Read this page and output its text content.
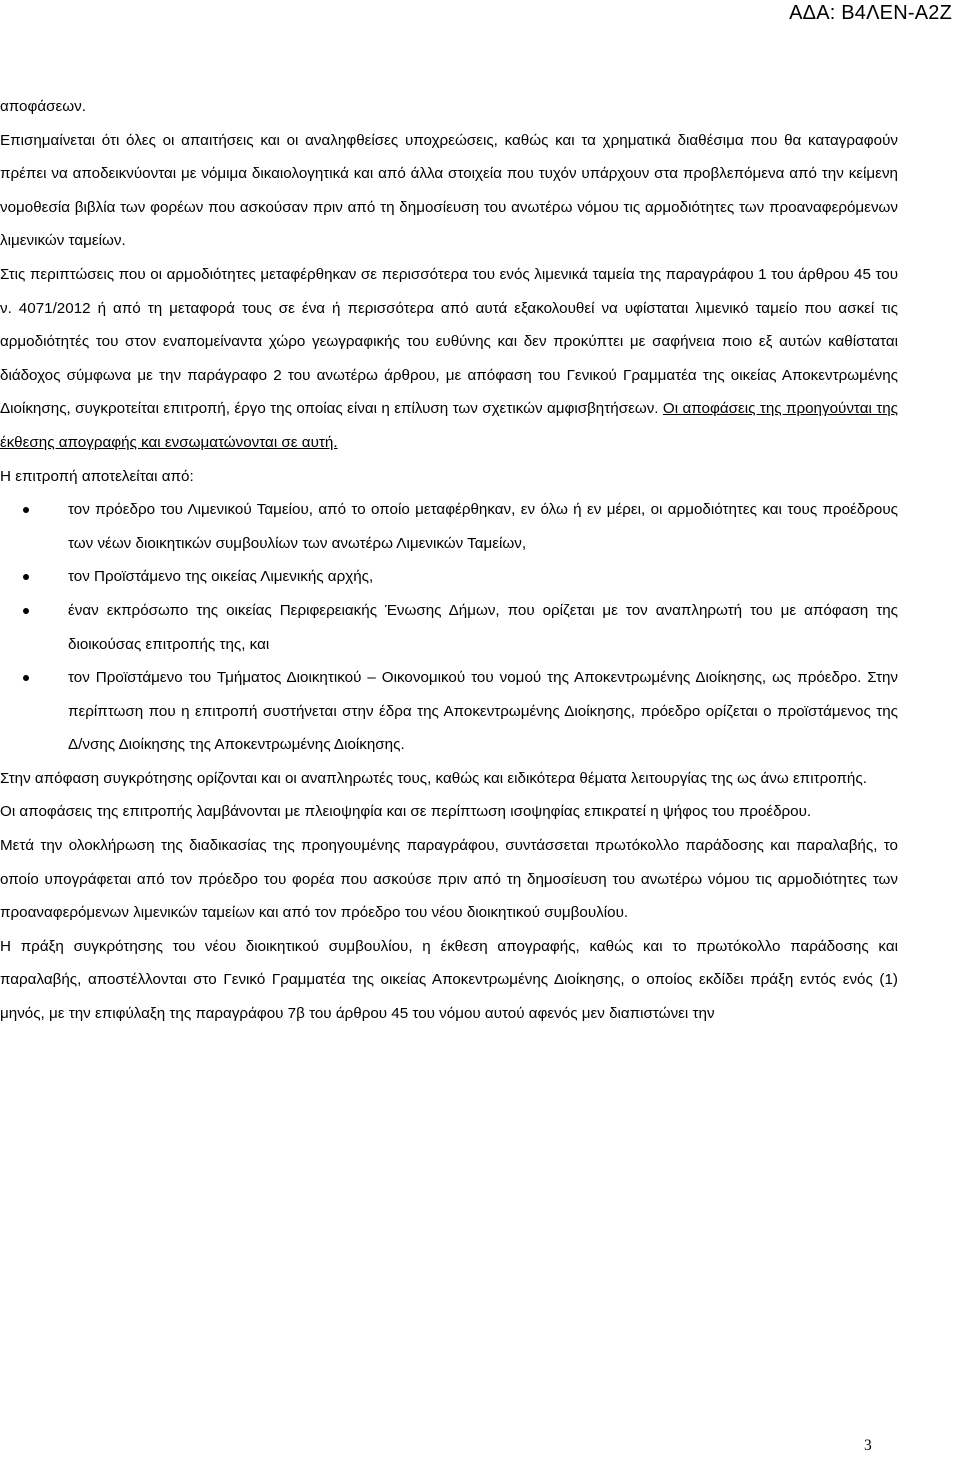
ΑΔΑ: Β4ΛΕΝ-Α2Ζ

αποφάσεων.

Επισημαίνεται ότι όλες οι απαιτήσεις και οι αναληφθείσες υποχρεώσεις, καθώς και τα χρηματικά διαθέσιμα που θα καταγραφούν πρέπει να αποδεικνύονται με νόμιμα δικαιολογητικά και από άλλα στοιχεία που τυχόν υπάρχουν στα προβλεπόμενα από την κείμενη νομοθεσία βιβλία των φορέων που ασκούσαν πριν από τη δημοσίευση του ανωτέρω νόμου τις αρμοδιότητες των προαναφερόμενων λιμενικών ταμείων.

Στις περιπτώσεις που οι αρμοδιότητες μεταφέρθηκαν σε περισσότερα του ενός λιμενικά ταμεία της παραγράφου 1 του άρθρου 45 του ν. 4071/2012 ή από τη μεταφορά τους σε ένα ή περισσότερα από αυτά εξακολουθεί να υφίσταται λιμενικό ταμείο που ασκεί τις αρμοδιότητές του στον εναπομείναντα χώρο γεωγραφικής του ευθύνης και δεν προκύπτει με σαφήνεια ποιο εξ αυτών καθίσταται διάδοχος σύμφωνα με την παράγραφο 2 του ανωτέρω άρθρου, με απόφαση του Γενικού Γραμματέα της οικείας Αποκεντρωμένης Διοίκησης, συγκροτείται επιτροπή, έργο της οποίας είναι η επίλυση των σχετικών αμφισβητήσεων. Οι αποφάσεις της προηγούνται της έκθεσης απογραφής και ενσωματώνονται σε αυτή.

Η επιτροπή αποτελείται από:

τον πρόεδρο του Λιμενικού Ταμείου, από το οποίο μεταφέρθηκαν, εν όλω ή εν μέρει, οι αρμοδιότητες και τους προέδρους των νέων διοικητικών συμβουλίων των ανωτέρω Λιμενικών Ταμείων,
τον Προϊστάμενο της οικείας Λιμενικής αρχής,
έναν εκπρόσωπο της οικείας Περιφερειακής Ένωσης Δήμων, που ορίζεται με τον αναπληρωτή του με απόφαση της διοικούσας επιτροπής της, και
τον Προϊστάμενο του Τμήματος Διοικητικού – Οικονομικού του νομού της Αποκεντρωμένης Διοίκησης, ως πρόεδρο. Στην περίπτωση που η επιτροπή συστήνεται στην έδρα της Αποκεντρωμένης Διοίκησης, πρόεδρο ορίζεται ο προϊστάμενος της Δ/νσης Διοίκησης της Αποκεντρωμένης Διοίκησης.

Στην απόφαση συγκρότησης ορίζονται και οι αναπληρωτές τους, καθώς και ειδικότερα θέματα λειτουργίας της ως άνω επιτροπής.

Οι αποφάσεις της επιτροπής λαμβάνονται με πλειοψηφία και σε περίπτωση ισοψηφίας επικρατεί η ψήφος του προέδρου.

Μετά την ολοκλήρωση της διαδικασίας της προηγουμένης παραγράφου, συντάσσεται πρωτόκολλο παράδοσης και παραλαβής, το οποίο υπογράφεται από τον πρόεδρο του φορέα που ασκούσε πριν από τη δημοσίευση του ανωτέρω νόμου τις αρμοδιότητες των προαναφερόμενων λιμενικών ταμείων και από τον πρόεδρο του νέου διοικητικού συμβουλίου.

Η πράξη συγκρότησης του νέου διοικητικού συμβουλίου, η έκθεση απογραφής, καθώς και το πρωτόκολλο παράδοσης και παραλαβής, αποστέλλονται στο Γενικό Γραμματέα της οικείας Αποκεντρωμένης Διοίκησης, ο οποίος εκδίδει πράξη εντός ενός (1) μηνός, με την επιφύλαξη της παραγράφου 7β του άρθρου 45 του νόμου αυτού αφενός μεν διαπιστώνει την

3
